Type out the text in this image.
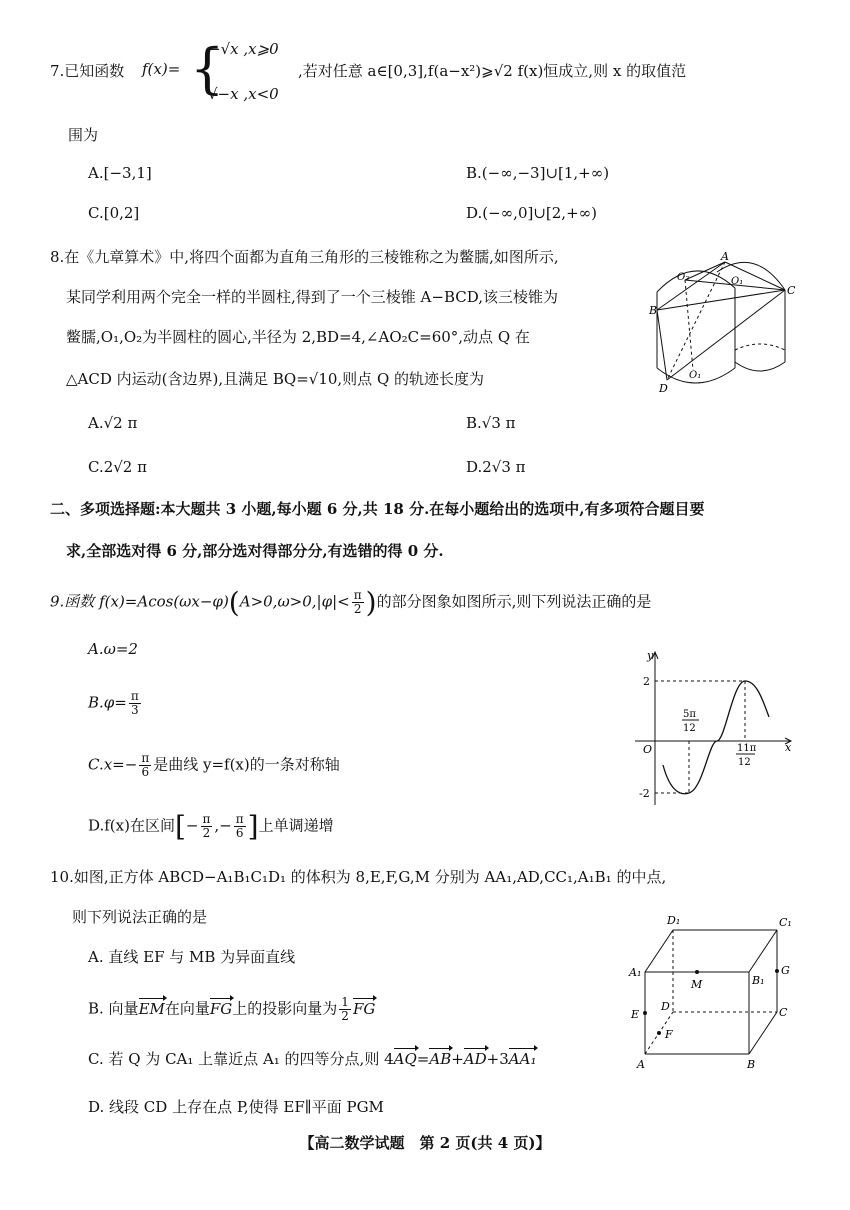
7.已知函数 f(x)= {
−√x ,x⩾0
√−x ,x<0
,若对任意 a∈[0,3],f(a−x²)⩾√2 f(x)恒成立,则 x 的取值范
围为
A.[−3,1]	B.(−∞,−3]∪[1,+∞)
C.[0,2]	D.(−∞,0]∪[2,+∞)
8.在《九章算术》中,将四个面都为直角三角形的三棱锥称之为鳖臑,如图所示,
某同学利用两个完全一样的半圆柱,得到了一个三棱锥 A−BCD,该三棱锥为
鳖臑,O₁,O₂为半圆柱的圆心,半径为 2,BD=4,∠AO₂C=60°,动点 Q 在
△ACD 内运动(含边界),且满足 BQ=√10,则点 Q 的轨迹长度为
A.√2 π	B.√3 π
C.2√2 π	D.2√3 π
A
B
C
D
O₁
O₂
O₁
二、多项选择题:本大题共 3 小题,每小题 6 分,共 18 分.在每小题给出的选项中,有多项符合题目要
求,全部选对得 6 分,部分选对得部分分,有选错的得 0 分.
9.函数 $f(x)=Acos(\omega x-\varphi)(A>0,\omega>0,|\varphi|< \frac{\pi}{2}$ )的部分图象如图所示,则下列说法正确的是
A.ω=2
$B.\varphi= \frac{\pi}{3}$
$C.x=- \frac{\pi}{6}$ 是曲线 y=f(x)的一条对称轴
D.f(x)在区间[− $\frac{\pi}{2}$ ,− $\frac{\pi}{6}$ ]上单调递增
y
x
O
2
-2
5π
12
11π
12
10.如图,正方体 ABCD−A₁B₁C₁D₁ 的体积为 8,E,F,G,M 分别为 AA₁,AD,CC₁,A₁B₁ 的中点,
则下列说法正确的是
A. 直线 EF 与 MB 为异面直线
B. 向量EM在向量FG上的投影向量为 $\frac{1}{2}$ FG
C. 若 Q 为 CA₁ 上靠近点 A₁ 的四等分点,则 4AQ=AB+AD+3AA₁
D. 线段 CD 上存在点 P,使得 EF∥平面 PGM
D₁	C₁
A₁
B₁
M
G
E
D	C
F
A	B
【高二数学试题　第 2 页(共 4 页)】
